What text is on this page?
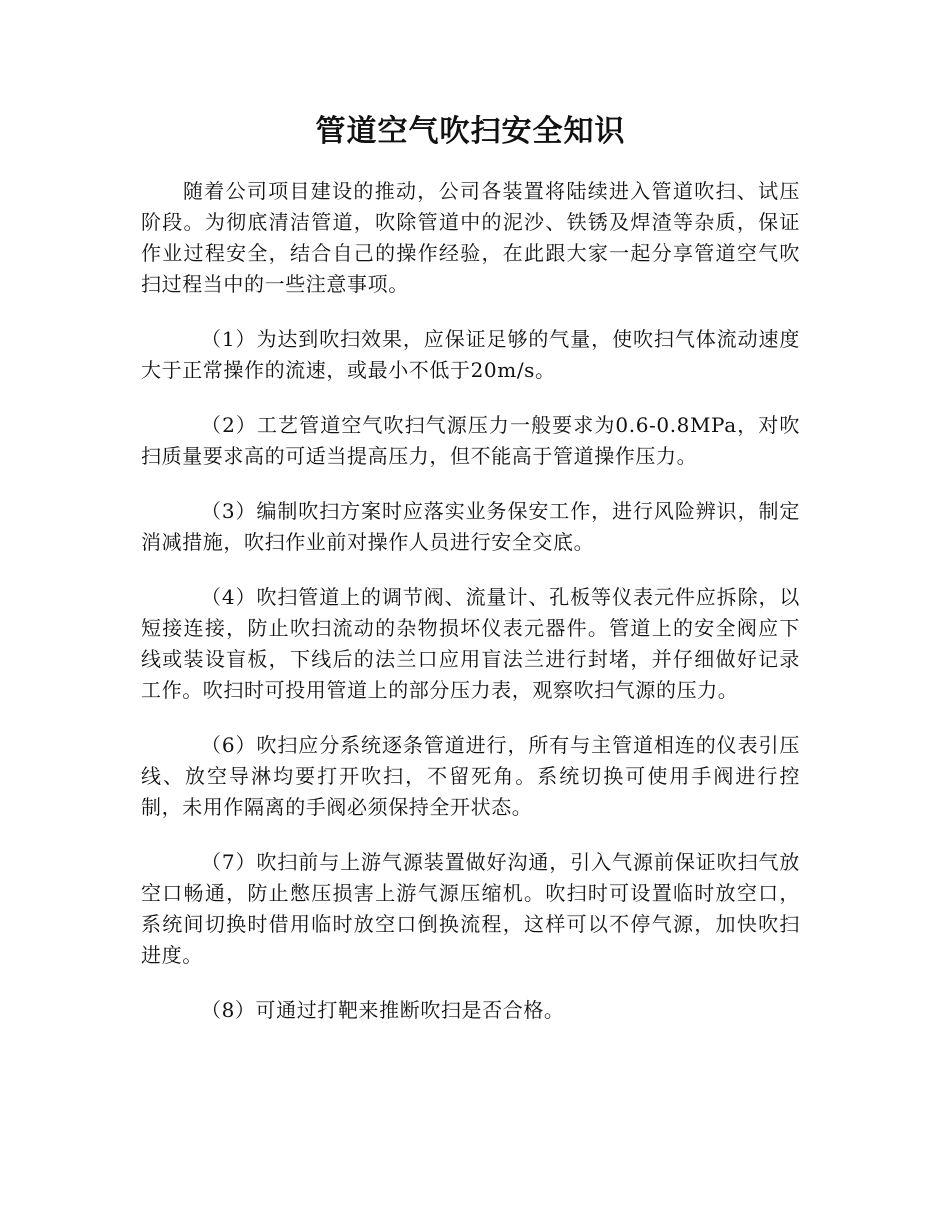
管道空气吹扫安全知识

随着公司项目建设的推动，公司各装置将陆续进入管道吹扫、试压阶段。为彻底清洁管道，吹除管道中的泥沙、铁锈及焊渣等杂质，保证作业过程安全，结合自己的操作经验，在此跟大家一起分享管道空气吹扫过程当中的一些注意事项。

（1）为达到吹扫效果，应保证足够的气量，使吹扫气体流动速度大于正常操作的流速，或最小不低于20m/s。

（2）工艺管道空气吹扫气源压力一般要求为0.6-0.8MPa，对吹扫质量要求高的可适当提高压力，但不能高于管道操作压力。

（3）编制吹扫方案时应落实业务保安工作，进行风险辨识，制定消减措施，吹扫作业前对操作人员进行安全交底。

（4）吹扫管道上的调节阀、流量计、孔板等仪表元件应拆除，以短接连接，防止吹扫流动的杂物损坏仪表元器件。管道上的安全阀应下线或装设盲板，下线后的法兰口应用盲法兰进行封堵，并仔细做好记录工作。吹扫时可投用管道上的部分压力表，观察吹扫气源的压力。

（6）吹扫应分系统逐条管道进行，所有与主管道相连的仪表引压线、放空导淋均要打开吹扫，不留死角。系统切换可使用手阀进行控制，未用作隔离的手阀必须保持全开状态。

（7）吹扫前与上游气源装置做好沟通，引入气源前保证吹扫气放空口畅通，防止憋压损害上游气源压缩机。吹扫时可设置临时放空口，系统间切换时借用临时放空口倒换流程，这样可以不停气源，加快吹扫进度。

（8）可通过打靶来推断吹扫是否合格。
